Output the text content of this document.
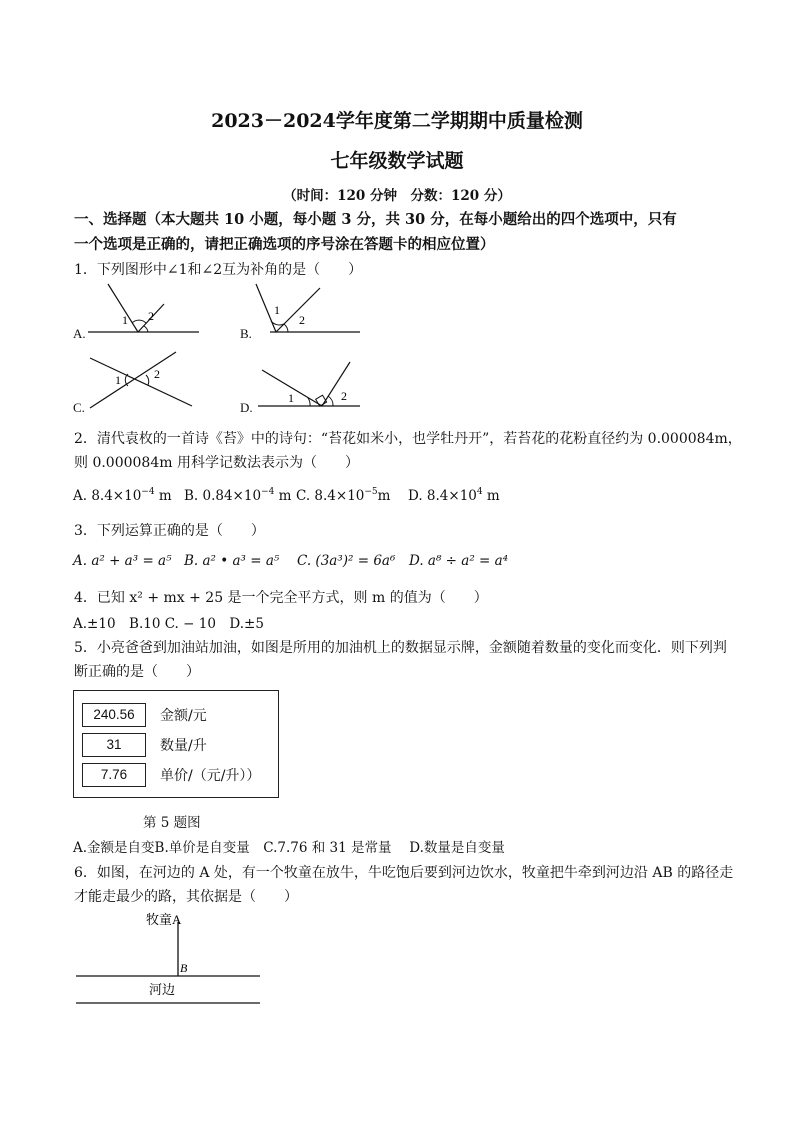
2023－2024学年度第二学期期中质量检测
七年级数学试题
（时间：120 分钟　分数：120 分）
一、选择题（本大题共 10 小题，每小题 3 分，共 30 分，在每小题给出的四个选项中，只有
一个选项是正确的，请把正确选项的序号涂在答题卡的相应位置）
1．下列图形中∠1和∠2互为补角的是（　　）
A.	B.
C.	D.
1 2	1
2
1	2
1	2
2．清代袁枚的一首诗《苔》中的诗句：“苔花如米小，也学牡丹开”，若苔花的花粉直径约为 0.000084m，
则 0.000084m 用科学记数法表示为（　　）
A. $8.4\times 10^{-4}$ m B. $0.84\times 10^{-4}$ m C. $8.4\times 10^{-5}m$ D. $8.4\times 10^4$ m
3．下列运算正确的是（　　）
A. a² + a³ = a⁵ B. a² • a³ = a⁵ C. (3a³)² = 6a⁶ D. a⁸ ÷ a² = a⁴
4．已知 x² + mx + 25 是一个完全平方式，则 m 的值为（　　）
A.±10　B.10 C. − 10　D.±5
5．小亮爸爸到加油站加油，如图是所用的加油机上的数据显示牌，金额随着数量的变化而变化．则下列判
断正确的是（　　）
240.56	金额/元
31	数量/升
7.76	单价/（元/升））
第 5 题图
A.金额是自变B.单价是自变量　C.7.76 和 31 是常量　 D.数量是自变量
6．如图，在河边的 A 处，有一个牧童在放牛，牛吃饱后要到河边饮水，牧童把牛牵到河边沿 AB 的路径走
才能走最少的路，其依据是（　　）
牧童A
B
河边
